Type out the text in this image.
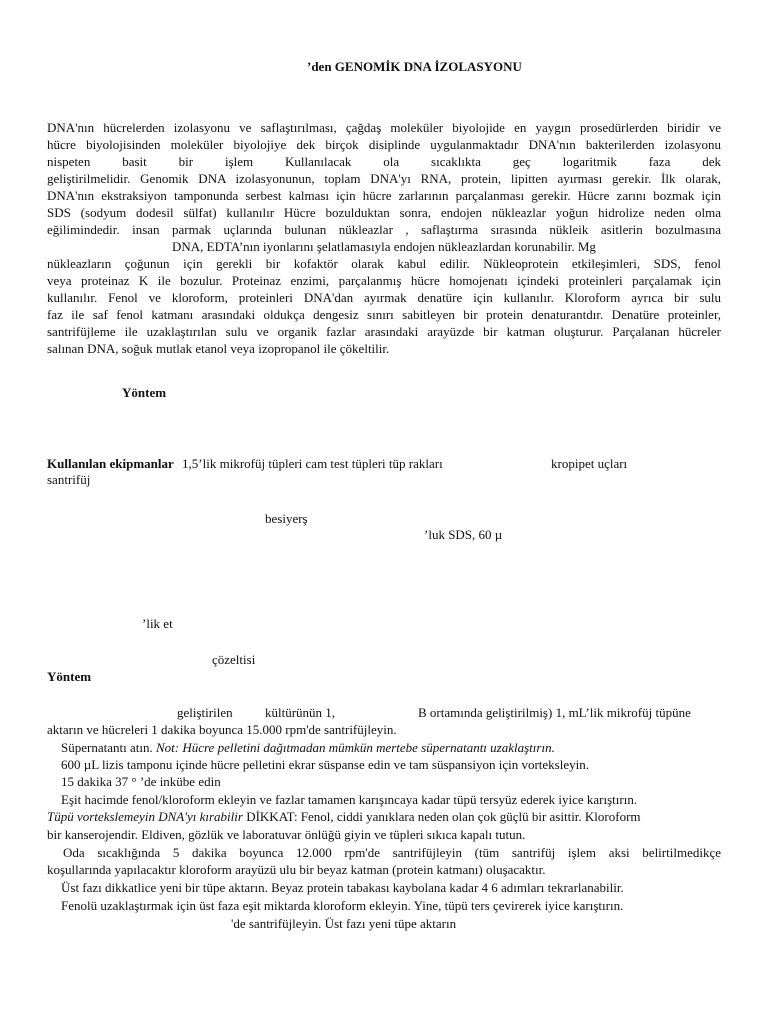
’den GENOMİK DNA İZOLASYONU
DNA'nın hücrelerden izolasyonu ve saflaştırılması, çağdaş moleküler biyolojide en yaygın prosedürlerden biridir ve
hücre biyolojisinden moleküler biyolojiye dek birçok disiplinde uygulanmaktadır DNA'nın bakterilerden izolasyonu
nispeten basit bir işlem Kullanılacak ola sıcaklıkta geç logaritmik faza dek
geliştirilmelidir. Genomik DNA izolasyonunun, toplam DNA'yı RNA, protein, lipitten ayırması gerekir. İlk olarak,
DNA'nın ekstraksiyon tamponunda serbest kalması için hücre zarlarının parçalanması gerekir. Hücre zarını bozmak için
SDS (sodyum dodesil sülfat) kullanılır Hücre bozulduktan sonra, endojen nükleazlar yoğun hidrolize neden olma
eğilimindedir. insan parmak uçlarında bulunan nükleazlar , saflaştırma sırasında nükleik asitlerin bozulmasına
DNA, EDTA’nın iyonlarını şelatlamasıyla endojen nükleazlardan korunabilir. Mg
nükleazların çoğunun için gerekli bir kofaktör olarak kabul edilir. Nükleoprotein etkileşimleri, SDS, fenol
veya proteinaz K ile bozulur. Proteinaz enzimi, parçalanmış hücre homojenatı içindeki proteinleri parçalamak için
kullanılır. Fenol ve kloroform, proteinleri DNA'dan ayırmak denatüre için kullanılır. Kloroform ayrıca bir sulu
faz ile saf fenol katmanı arasındaki oldukça dengesiz sınırı sabitleyen bir protein denaturantdır. Denatüre proteinler,
santrifüjleme ile uzaklaştırılan sulu ve organik fazlar arasındaki arayüzde bir katman oluşturur. Parçalanan hücreler
salınan DNA, soğuk mutlak etanol veya izopropanol ile çökeltilir.
Yöntem
Kullanılan ekipmanlar 1,5’lik mikrofüj tüpleri cam test tüpleri tüp rakları	kropipet uçları
santrifüj
besiyerş
’luk SDS, 60 µ
’lik et
çözeltisi
Yöntem
geliştirilen kültürünün 1,	B ortamında geliştirilmiş) 1, mL’lik mikrofüj tüpüne
aktarın ve hücreleri 1 dakika boyunca 15.000 rpm'de santrifüjleyin.
Süpernatantı atın. Not: Hücre pelletini dağıtmadan mümkün mertebe süpernatantı uzaklaştırın.
600 µL lizis tamponu içinde hücre pelletini ekrar süspanse edin ve tam süspansiyon için vorteksleyin.
15 dakika 37 ° ’de inkübe edin
Eşit hacimde fenol/kloroform ekleyin ve fazlar tamamen karışıncaya kadar tüpü tersyüz ederek iyice karıştırın.
Tüpü vortekslemeyin DNA'yı kırabilir DİKKAT: Fenol, ciddi yanıklara neden olan çok güçlü bir asittir. Kloroform
bir kanserojendir. Eldiven, gözlük ve laboratuvar önlüğü giyin ve tüpleri sıkıca kapalı tutun.
Oda sıcaklığında 5 dakika boyunca 12.000 rpm'de santrifüjleyin (tüm santrifüj işlem aksi belirtilmedikçe
koşullarında yapılacaktır kloroform arayüzü ulu bir beyaz katman (protein katmanı) oluşacaktır.
Üst fazı dikkatlice yeni bir tüpe aktarın. Beyaz protein tabakası kaybolana kadar 4 6 adımları tekrarlanabilir.
Fenolü uzaklaştırmak için üst faza eşit miktarda kloroform ekleyin. Yine, tüpü ters çevirerek iyice karıştırın.
'de santrifüjleyin. Üst fazı yeni tüpe aktarın
